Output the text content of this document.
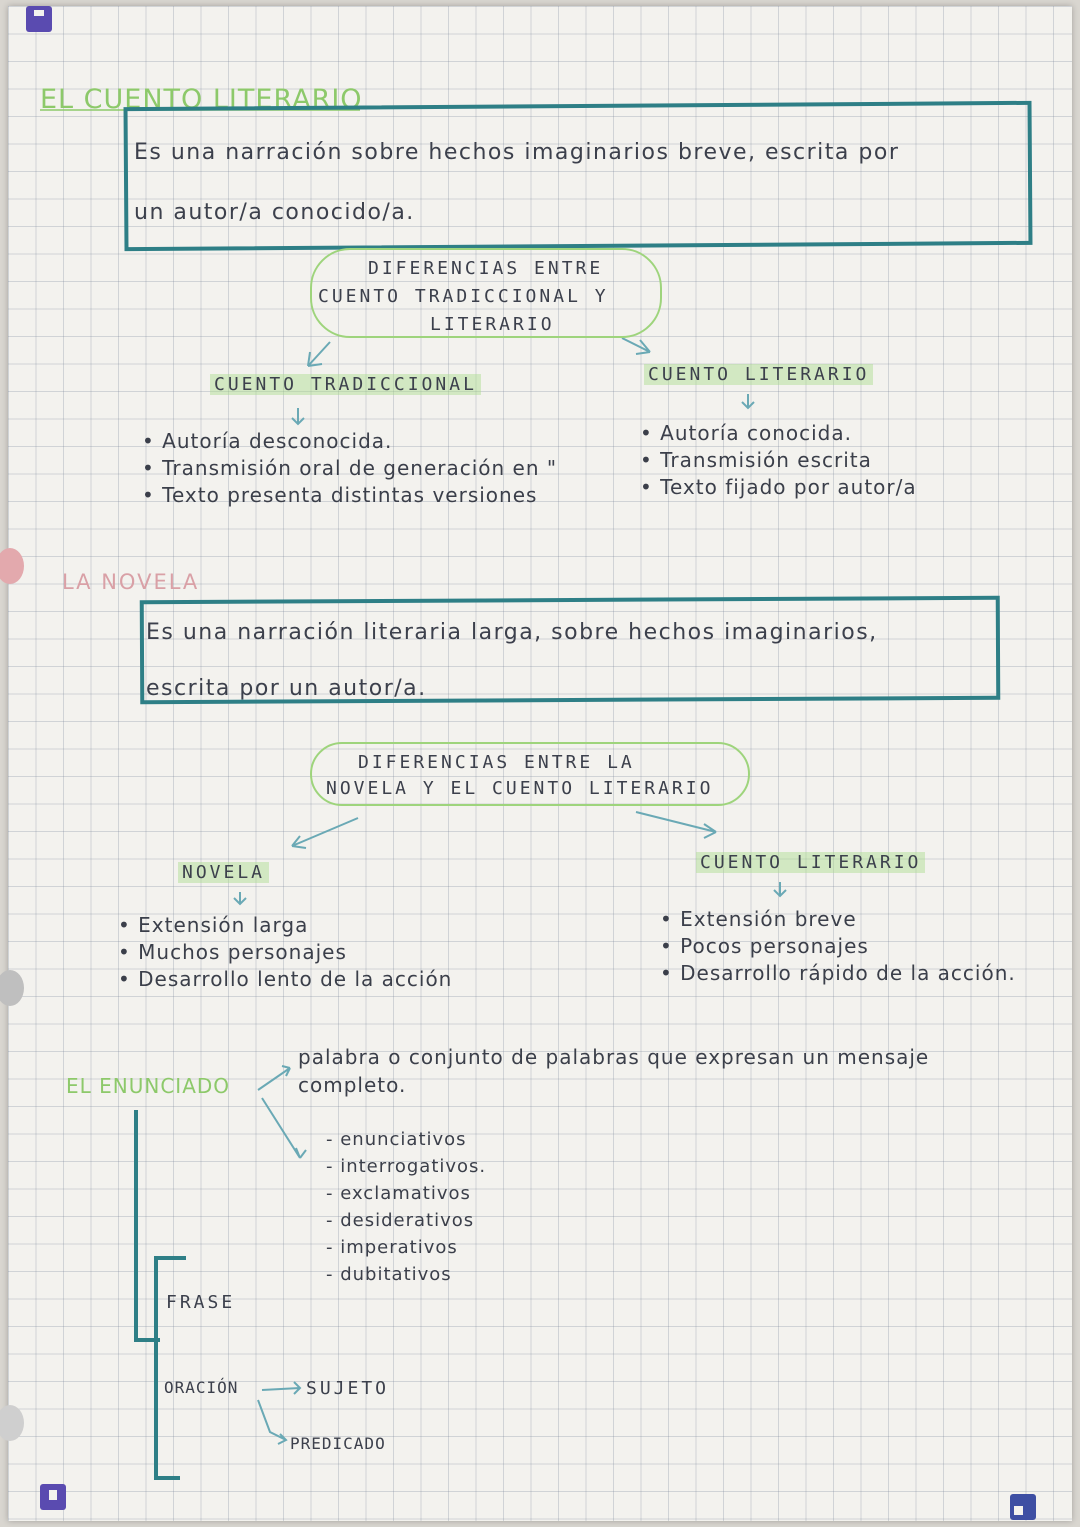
EL CUENTO LITERARIO
Es una narración sobre hechos imaginarios breve, escrita por
un autor/a conocido/a.
DIFERENCIAS ENTRE
CUENTO TRADICCIONAL Y
LITERARIO
CUENTO TRADICCIONAL	CUENTO LITERARIO
• Autoría desconocida.
• Transmisión oral de generación en "
• Texto presenta distintas versiones
• Autoría conocida.
• Transmisión escrita
• Texto fijado por autor/a
LA NOVELA
Es una narración literaria larga, sobre hechos imaginarios,
escrita por un autor/a.
DIFERENCIAS ENTRE LA
NOVELA Y EL CUENTO LITERARIO
NOVELA	CUENTO LITERARIO
• Extensión larga
• Muchos personajes
• Desarrollo lento de la acción
• Extensión breve
• Pocos personajes
• Desarrollo rápido de la acción.
EL ENUNCIADO
palabra o conjunto de palabras que expresan un mensaje
completo.
- enunciativos
- interrogativos.
- exclamativos
- desiderativos
- imperativos
- dubitativos
FRASE
ORACIÓN	SUJETO
PREDICADO
